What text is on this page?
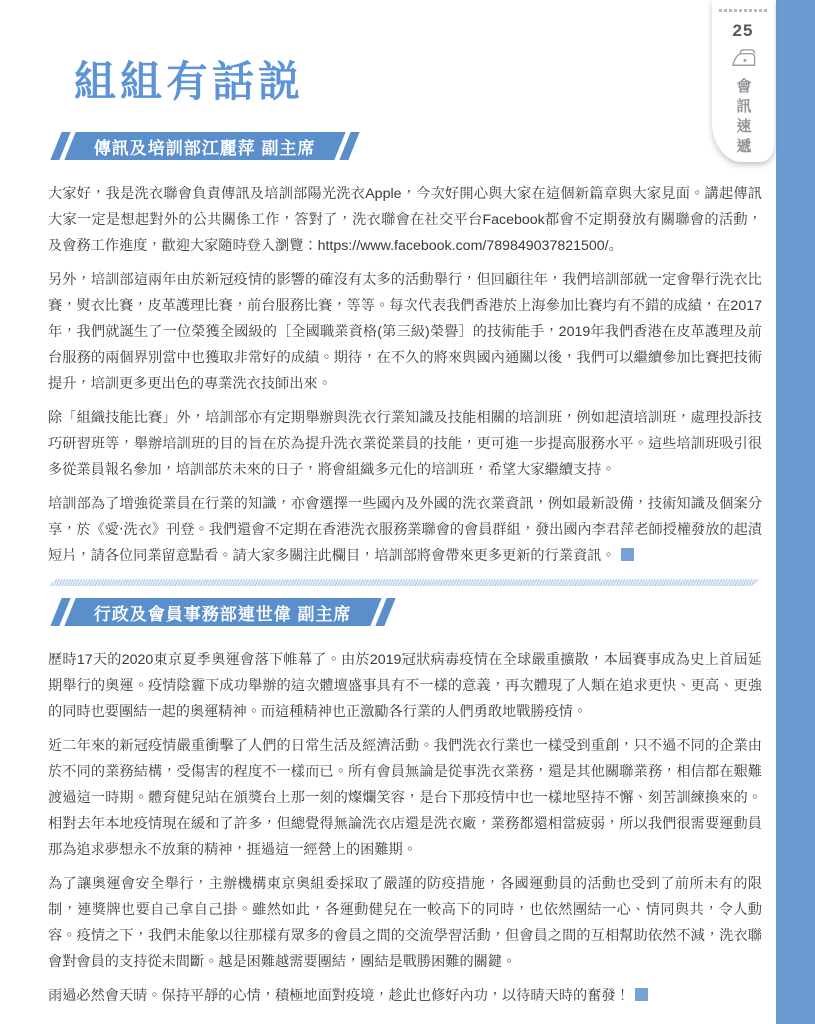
25
會訊速遞
組組有話説
傳訊及培訓部江麗萍 副主席

大家好，我是洗衣聯會負責傳訊及培訓部陽光洗衣Apple，今次好開心與大家在這個新篇章與大家見面。講起傳訊大家一定是想起對外的公共關係工作，答對了，洗衣聯會在社交平台Facebook都會不定期發放有關聯會的活動，及會務工作進度，歡迎大家隨時登入瀏覽：https://www.facebook.com/789849037821500/。

另外，培訓部這兩年由於新冠疫情的影響的確沒有太多的活動舉行，但回顧往年，我們培訓部就一定會舉行洗衣比賽，熨衣比賽，皮革護理比賽，前台服務比賽，等等。每次代表我們香港於上海參加比賽均有不錯的成績，在2017年，我們就誕生了一位榮獲全國級的［全國職業資格(第三級)榮譽］的技術能手，2019年我們香港在皮革護理及前台服務的兩個界別當中也獲取非常好的成績。期待，在不久的將來與國內通關以後，我們可以繼續參加比賽把技術提升，培訓更多更出色的專業洗衣技師出來。

除「組織技能比賽」外，培訓部亦有定期舉辦與洗衣行業知識及技能相關的培訓班，例如起漬培訓班，處理投訴技巧研習班等，舉辦培訓班的目的旨在於為提升洗衣業從業員的技能，更可進一步提高服務水平。這些培訓班吸引很多從業員報名參加，培訓部於未來的日子，將會組織多元化的培訓班，希望大家繼續支持。

培訓部為了增強從業員在行業的知識，亦會選擇一些國內及外國的洗衣業資訊，例如最新設備，技術知識及個案分享，於《愛‧洗衣》刊登。我們還會不定期在香港洗衣服務業聯會的會員群組，發出國內李君萍老師授權發放的起漬短片，請各位同業留意點看。請大家多關注此欄目，培訓部將會帶來更多更新的行業資訊。

行政及會員事務部連世偉 副主席

歷時17天的2020東京夏季奧運會落下帷幕了。由於2019冠狀病毒疫情在全球嚴重擴散，本屆賽事成為史上首屆延期舉行的奧運。疫情陰霾下成功舉辦的這次體壇盛事具有不一樣的意義，再次體現了人類在追求更快、更高、更強的同時也要團結一起的奧運精神。而這種精神也正激勵各行業的人們勇敢地戰勝疫情。

近二年來的新冠疫情嚴重衝擊了人們的日常生活及經濟活動。我們洗衣行業也一樣受到重創，只不過不同的企業由於不同的業務結構，受傷害的程度不一樣而已。所有會員無論是從事洗衣業務，還是其他關聯業務，相信都在艱難渡過這一時期。體育健兒站在頒獎台上那一刻的燦爛笑容，是台下那疫情中也一樣地堅持不懈、刻苦訓練換來的。相對去年本地疫情現在緩和了許多，但總覺得無論洗衣店還是洗衣廠，業務都還相當疲弱，所以我們很需要運動員那為追求夢想永不放棄的精神，捱過這一經營上的困難期。

為了讓奧運會安全舉行，主辦機構東京奧組委採取了嚴謹的防疫措施，各國運動員的活動也受到了前所未有的限制，連獎牌也要自己拿自己掛。雖然如此，各運動健兒在一較高下的同時，也依然團結一心、情同與共，令人動容。疫情之下，我們未能象以往那樣有眾多的會員之間的交流學習活動，但會員之間的互相幫助依然不減，洗衣聯會對會員的支持從未間斷。越是困難越需要團結，團結是戰勝困難的關鍵。

雨過必然會天晴。保持平靜的心情，積極地面對疫境，趁此也修好內功，以待晴天時的奮發！
